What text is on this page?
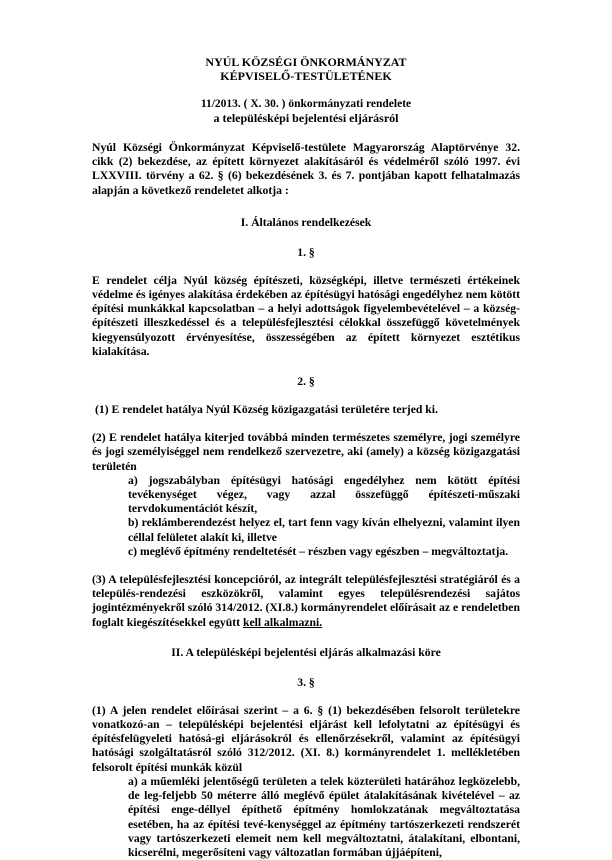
NYÚL KÖZSÉGI ÖNKORMÁNYZAT
KÉPVISELŐ-TESTÜLETÉNEK
11/2013. ( X. 30. ) önkormányzati rendelete
a településképi bejelentési eljárásról

Nyúl Községi Önkormányzat Képviselő-testülete Magyarország Alaptörvénye 32. cikk (2) bekezdése, az épített környezet alakításáról és védelméről szóló 1997. évi LXXVIII. törvény a 62. § (6) bekezdésének 3. és 7. pontjában kapott felhatalmazás alapján a következő rendeletet alkotja :

I. Általános rendelkezések
1. §

E rendelet célja Nyúl község építészeti, községképi, illetve természeti értékeinek védelme és igényes alakítása érdekében az építésügyi hatósági engedélyhez nem kötött építési munkákkal kapcsolatban – a helyi adottságok figyelembevételével – a község-építészeti illeszkedéssel és a településfejlesztési célokkal összefüggő követelmények kiegyensúlyozott érvényesítése, összességében az épített környezet esztétikus kialakítása.

2. §

(1) E rendelet hatálya Nyúl Község közigazgatási területére terjed ki.

(2) E rendelet hatálya kiterjed továbbá minden természetes személyre, jogi személyre és jogi személyiséggel nem rendelkező szervezetre, aki (amely) a község közigazgatási területén

a) jogszabályban építésügyi hatósági engedélyhez nem kötött építési tevékenységet végez, vagy azzal összefüggő építészeti-műszaki tervdokumentációt készít,
b) reklámberendezést helyez el, tart fenn vagy kíván elhelyezni, valamint ilyen céllal felületet alakít ki, illetve
c) meglévő építmény rendeltetését – részben vagy egészben – megváltoztatja.

(3) A településfejlesztési koncepcióról, az integrált településfejlesztési stratégiáról és a település-rendezési eszközökről, valamint egyes településrendezési sajátos jogintézményekről szóló 314/2012. (XI.8.) kormányrendelet előírásait az e rendeletben foglalt kiegészítésekkel együtt kell alkalmazni.

II. A településképi bejelentési eljárás alkalmazási köre
3. §

(1) A jelen rendelet előírásai szerint – a 6. § (1) bekezdésében felsorolt területekre vonatkozó-an – településképi bejelentési eljárást kell lefolytatni az építésügyi és építésfelügyeleti hatósá-gi eljárásokról és ellenőrzésekről, valamint az építésügyi hatósági szolgáltatásról szóló 312/2012. (XI. 8.) kormányrendelet 1. mellékletében felsorolt építési munkák közül

a) a műemléki jelentőségű területen a telek közterületi határához legközelebb, de leg-feljebb 50 méterre álló meglévő épület átalakításának kivételével – az építési enge-déllyel építhető építmény homlokzatának megváltoztatása esetében, ha az építési tevé-kenységgel az építmény tartószerkezeti rendszerét vagy tartószerkezeti elemeit nem kell megváltoztatni, átalakítani, elbontani, kicserélni, megerősíteni vagy változatlan formában újjáépíteni,
